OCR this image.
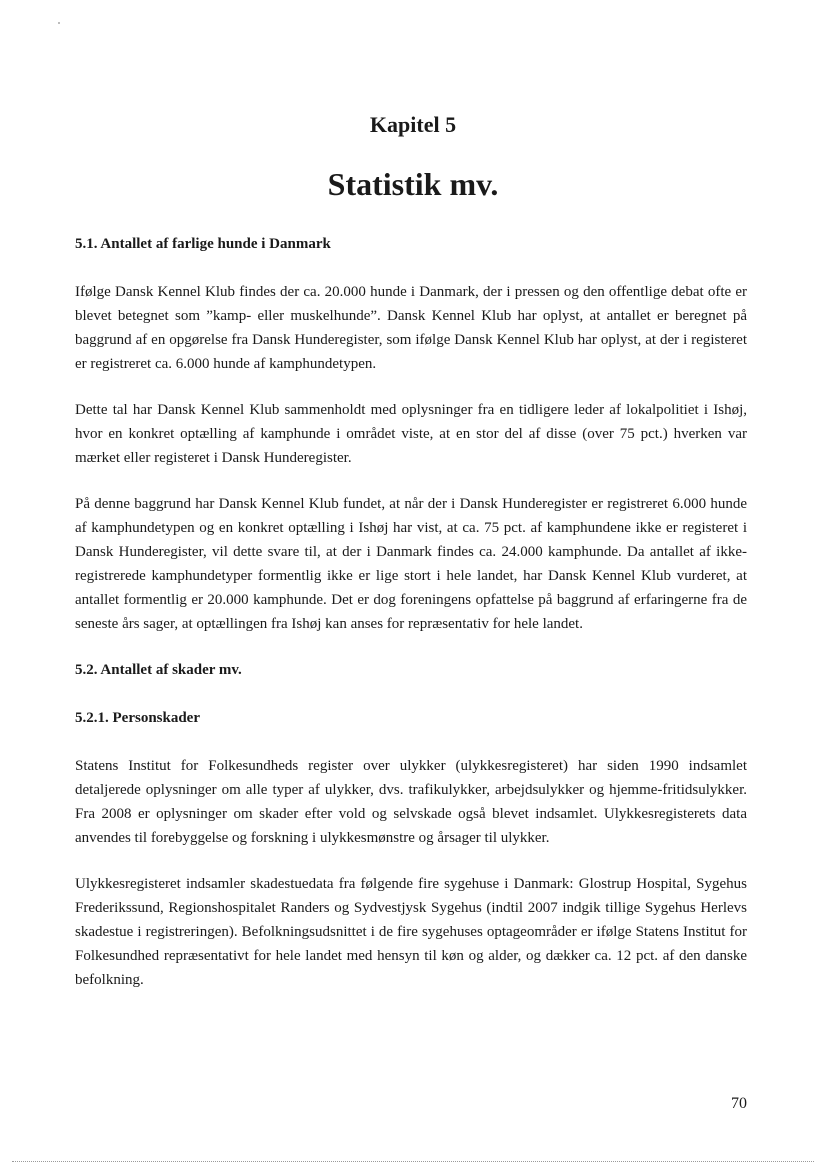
Kapitel 5
Statistik mv.
5.1. Antallet af farlige hunde i Danmark

Ifølge Dansk Kennel Klub findes der ca. 20.000 hunde i Danmark, der i pressen og den offentlige debat ofte er blevet betegnet som ”kamp- eller muskelhunde”. Dansk Kennel Klub har oplyst, at antallet er beregnet på baggrund af en opgørelse fra Dansk Hunderegister, som ifølge Dansk Kennel Klub har oplyst, at der i registeret er registreret ca. 6.000 hunde af kamphundetypen.

Dette tal har Dansk Kennel Klub sammenholdt med oplysninger fra en tidligere leder af lokalpolitiet i Ishøj, hvor en konkret optælling af kamphunde i området viste, at en stor del af disse (over 75 pct.) hverken var mærket eller registeret i Dansk Hunderegister.

På denne baggrund har Dansk Kennel Klub fundet, at når der i Dansk Hunderegister er registreret 6.000 hunde af kamphundetypen og en konkret optælling i Ishøj har vist, at ca. 75 pct. af kamphundene ikke er registeret i Dansk Hunderegister, vil dette svare til, at der i Danmark findes ca. 24.000 kamphunde. Da antallet af ikke-registrerede kamphundetyper formentlig ikke er lige stort i hele landet, har Dansk Kennel Klub vurderet, at antallet formentlig er 20.000 kamphunde. Det er dog foreningens opfattelse på baggrund af erfaringerne fra de seneste års sager, at optællingen fra Ishøj kan anses for repræsentativ for hele landet.

5.2. Antallet af skader mv.
5.2.1. Personskader

Statens Institut for Folkesundheds register over ulykker (ulykkesregisteret) har siden 1990 indsamlet detaljerede oplysninger om alle typer af ulykker, dvs. trafikulykker, arbejdsulykker og hjemme-fritidsulykker. Fra 2008 er oplysninger om skader efter vold og selvskade også blevet indsamlet. Ulykkesregisterets data anvendes til forebyggelse og forskning i ulykkesmønstre og årsager til ulykker.

Ulykkesregisteret indsamler skadestuedata fra følgende fire sygehuse i Danmark: Glostrup Hospital, Sygehus Frederikssund, Regionshospitalet Randers og Sydvestjysk Sygehus (indtil 2007 indgik tillige Sygehus Herlevs skadestue i registreringen). Befolkningsudsnittet i de fire sygehuses optageområder er ifølge Statens Institut for Folkesundhed repræsentativt for hele landet med hensyn til køn og alder, og dækker ca. 12 pct. af den danske befolkning.

70
